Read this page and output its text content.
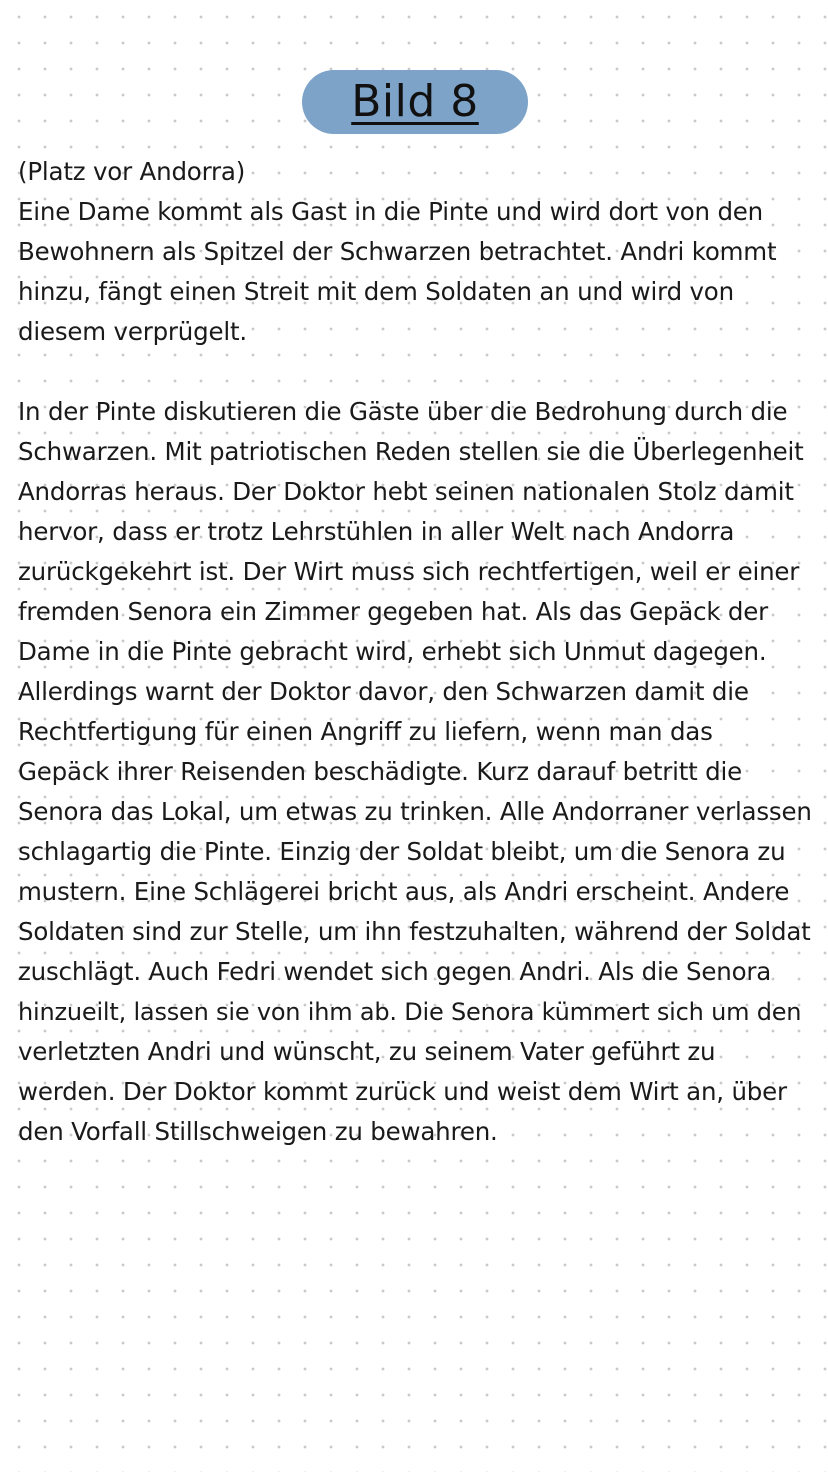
Bild 8
(Platz vor Andorra)
Eine Dame kommt als Gast in die Pinte und wird dort von den
Bewohnern als Spitzel der Schwarzen betrachtet. Andri kommt
hinzu, fängt einen Streit mit dem Soldaten an und wird von
diesem verprügelt.
In der Pinte diskutieren die Gäste über die Bedrohung durch die
Schwarzen. Mit patriotischen Reden stellen sie die Überlegenheit
Andorras heraus. Der Doktor hebt seinen nationalen Stolz damit
hervor, dass er trotz Lehrstühlen in aller Welt nach Andorra
zurückgekehrt ist. Der Wirt muss sich rechtfertigen, weil er einer
fremden Senora ein Zimmer gegeben hat. Als das Gepäck der
Dame in die Pinte gebracht wird, erhebt sich Unmut dagegen.
Allerdings warnt der Doktor davor, den Schwarzen damit die
Rechtfertigung für einen Angriff zu liefern, wenn man das
Gepäck ihrer Reisenden beschädigte. Kurz darauf betritt die
Senora das Lokal, um etwas zu trinken. Alle Andorraner verlassen
schlagartig die Pinte. Einzig der Soldat bleibt, um die Senora zu
mustern. Eine Schlägerei bricht aus, als Andri erscheint. Andere
Soldaten sind zur Stelle, um ihn festzuhalten, während der Soldat
zuschlägt. Auch Fedri wendet sich gegen Andri. Als die Senora
hinzueilt, lassen sie von ihm ab. Die Senora kümmert sich um den
verletzten Andri und wünscht, zu seinem Vater geführt zu
werden. Der Doktor kommt zurück und weist dem Wirt an, über
den Vorfall Stillschweigen zu bewahren.
